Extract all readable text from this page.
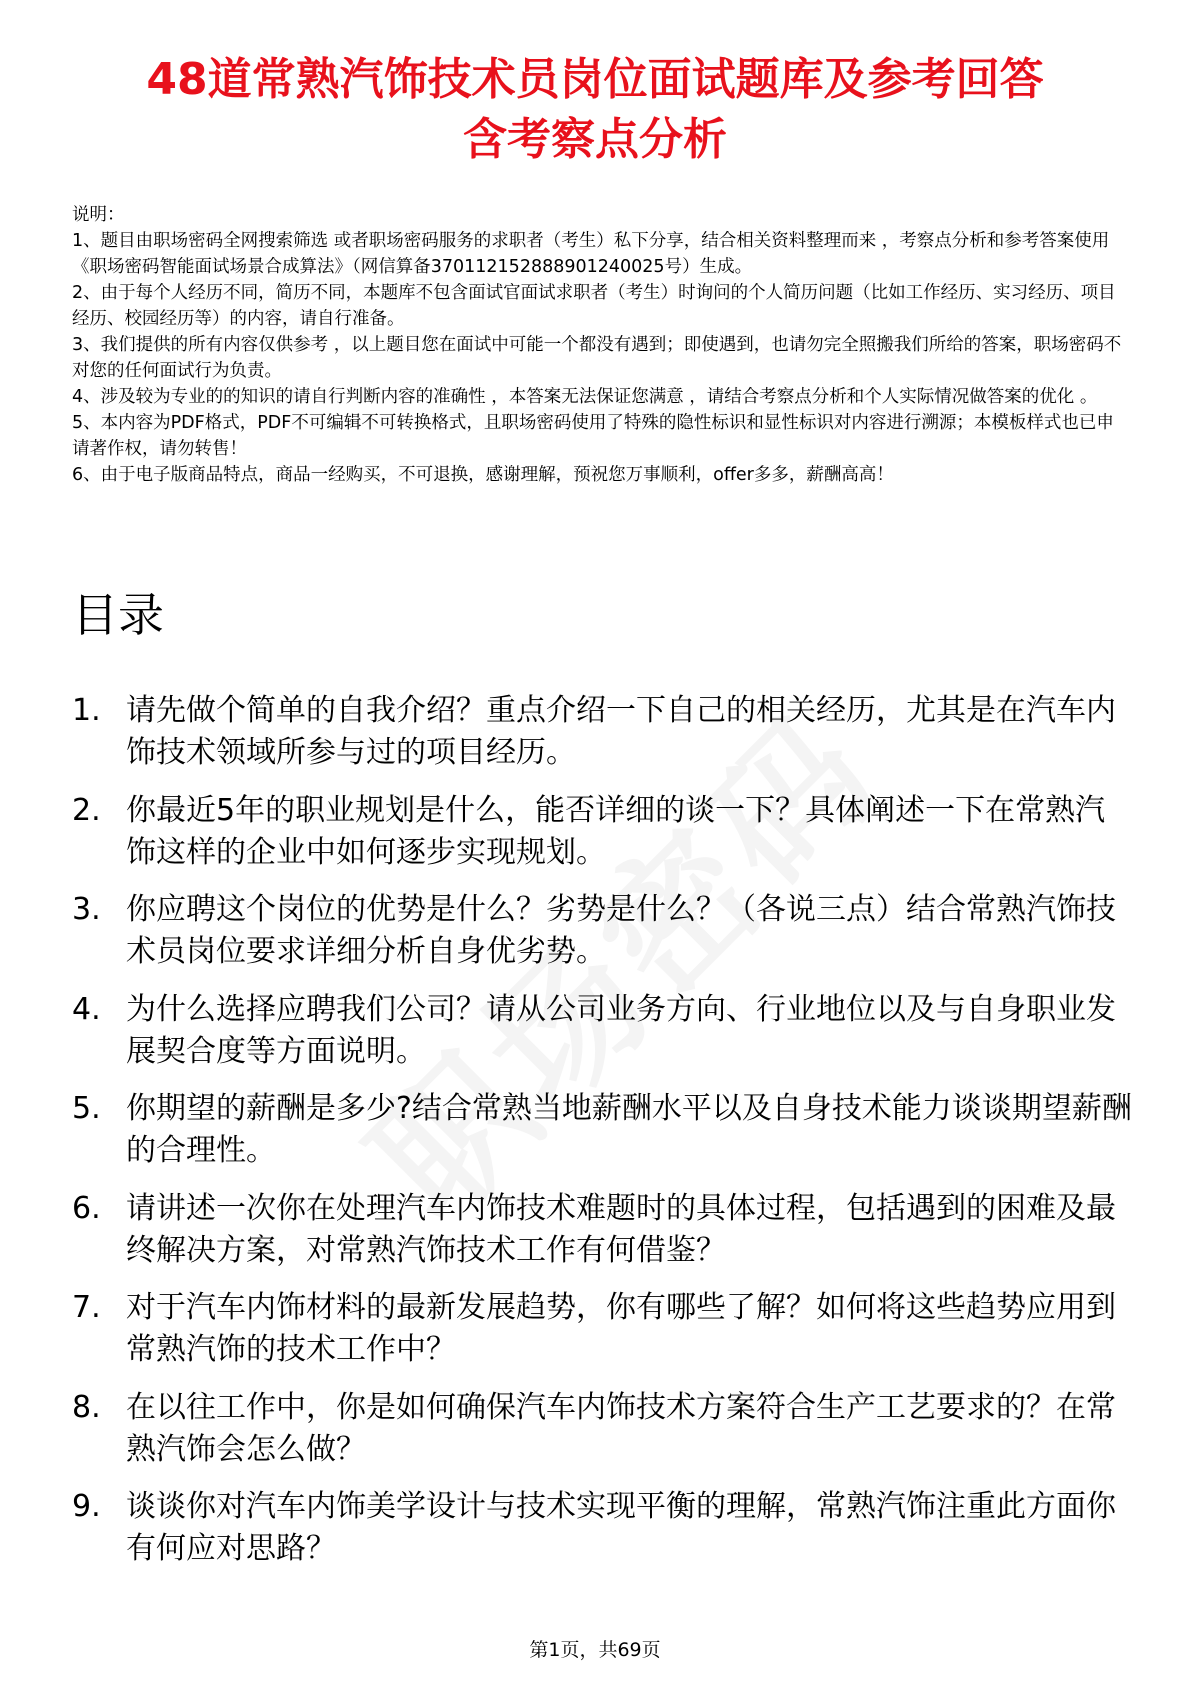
48道常熟汽饰技术员岗位面试题库及参考回答
含考察点分析
说明：
1、题目由职场密码全网搜索筛选 或者职场密码服务的求职者（考生）私下分享，结合相关资料整理而来 ，考察点分析和参考答案使用《职场密码智能面试场景合成算法》（网信算备370112152888901240025号）生成。
2、由于每个人经历不同，简历不同，本题库不包含面试官面试求职者（考生）时询问的个人简历问题（比如工作经历、实习经历、项目经历、校园经历等）的内容，请自行准备。
3、我们提供的所有内容仅供参考 ，以上题目您在面试中可能一个都没有遇到；即使遇到，也请勿完全照搬我们所给的答案，职场密码不对您的任何面试行为负责。
4、涉及较为专业的的知识的请自行判断内容的准确性 ，本答案无法保证您满意 ，请结合考察点分析和个人实际情况做答案的优化 。
5、本内容为PDF格式，PDF不可编辑不可转换格式，且职场密码使用了特殊的隐性标识和显性标识对内容进行溯源；本模板样式也已申请著作权，请勿转售！
6、由于电子版商品特点，商品一经购买，不可退换，感谢理解，预祝您万事顺利，offer多多，薪酬高高！
目录
1. 请先做个简单的自我介绍？重点介绍一下自己的相关经历，尤其是在汽车内饰技术领域所参与过的项目经历。
2. 你最近5年的职业规划是什么，能否详细的谈一下？具体阐述一下在常熟汽饰这样的企业中如何逐步实现规划。
3. 你应聘这个岗位的优势是什么？劣势是什么？（各说三点）结合常熟汽饰技术员岗位要求详细分析自身优劣势。
4. 为什么选择应聘我们公司？请从公司业务方向、行业地位以及与自身职业发展契合度等方面说明。
5. 你期望的薪酬是多少?结合常熟当地薪酬水平以及自身技术能力谈谈期望薪酬的合理性。
6. 请讲述一次你在处理汽车内饰技术难题时的具体过程，包括遇到的困难及最终解决方案，对常熟汽饰技术工作有何借鉴？
7. 对于汽车内饰材料的最新发展趋势，你有哪些了解？如何将这些趋势应用到常熟汽饰的技术工作中？
8. 在以往工作中，你是如何确保汽车内饰技术方案符合生产工艺要求的？在常熟汽饰会怎么做？
9. 谈谈你对汽车内饰美学设计与技术实现平衡的理解，常熟汽饰注重此方面你有何应对思路？
第1页，共69页
